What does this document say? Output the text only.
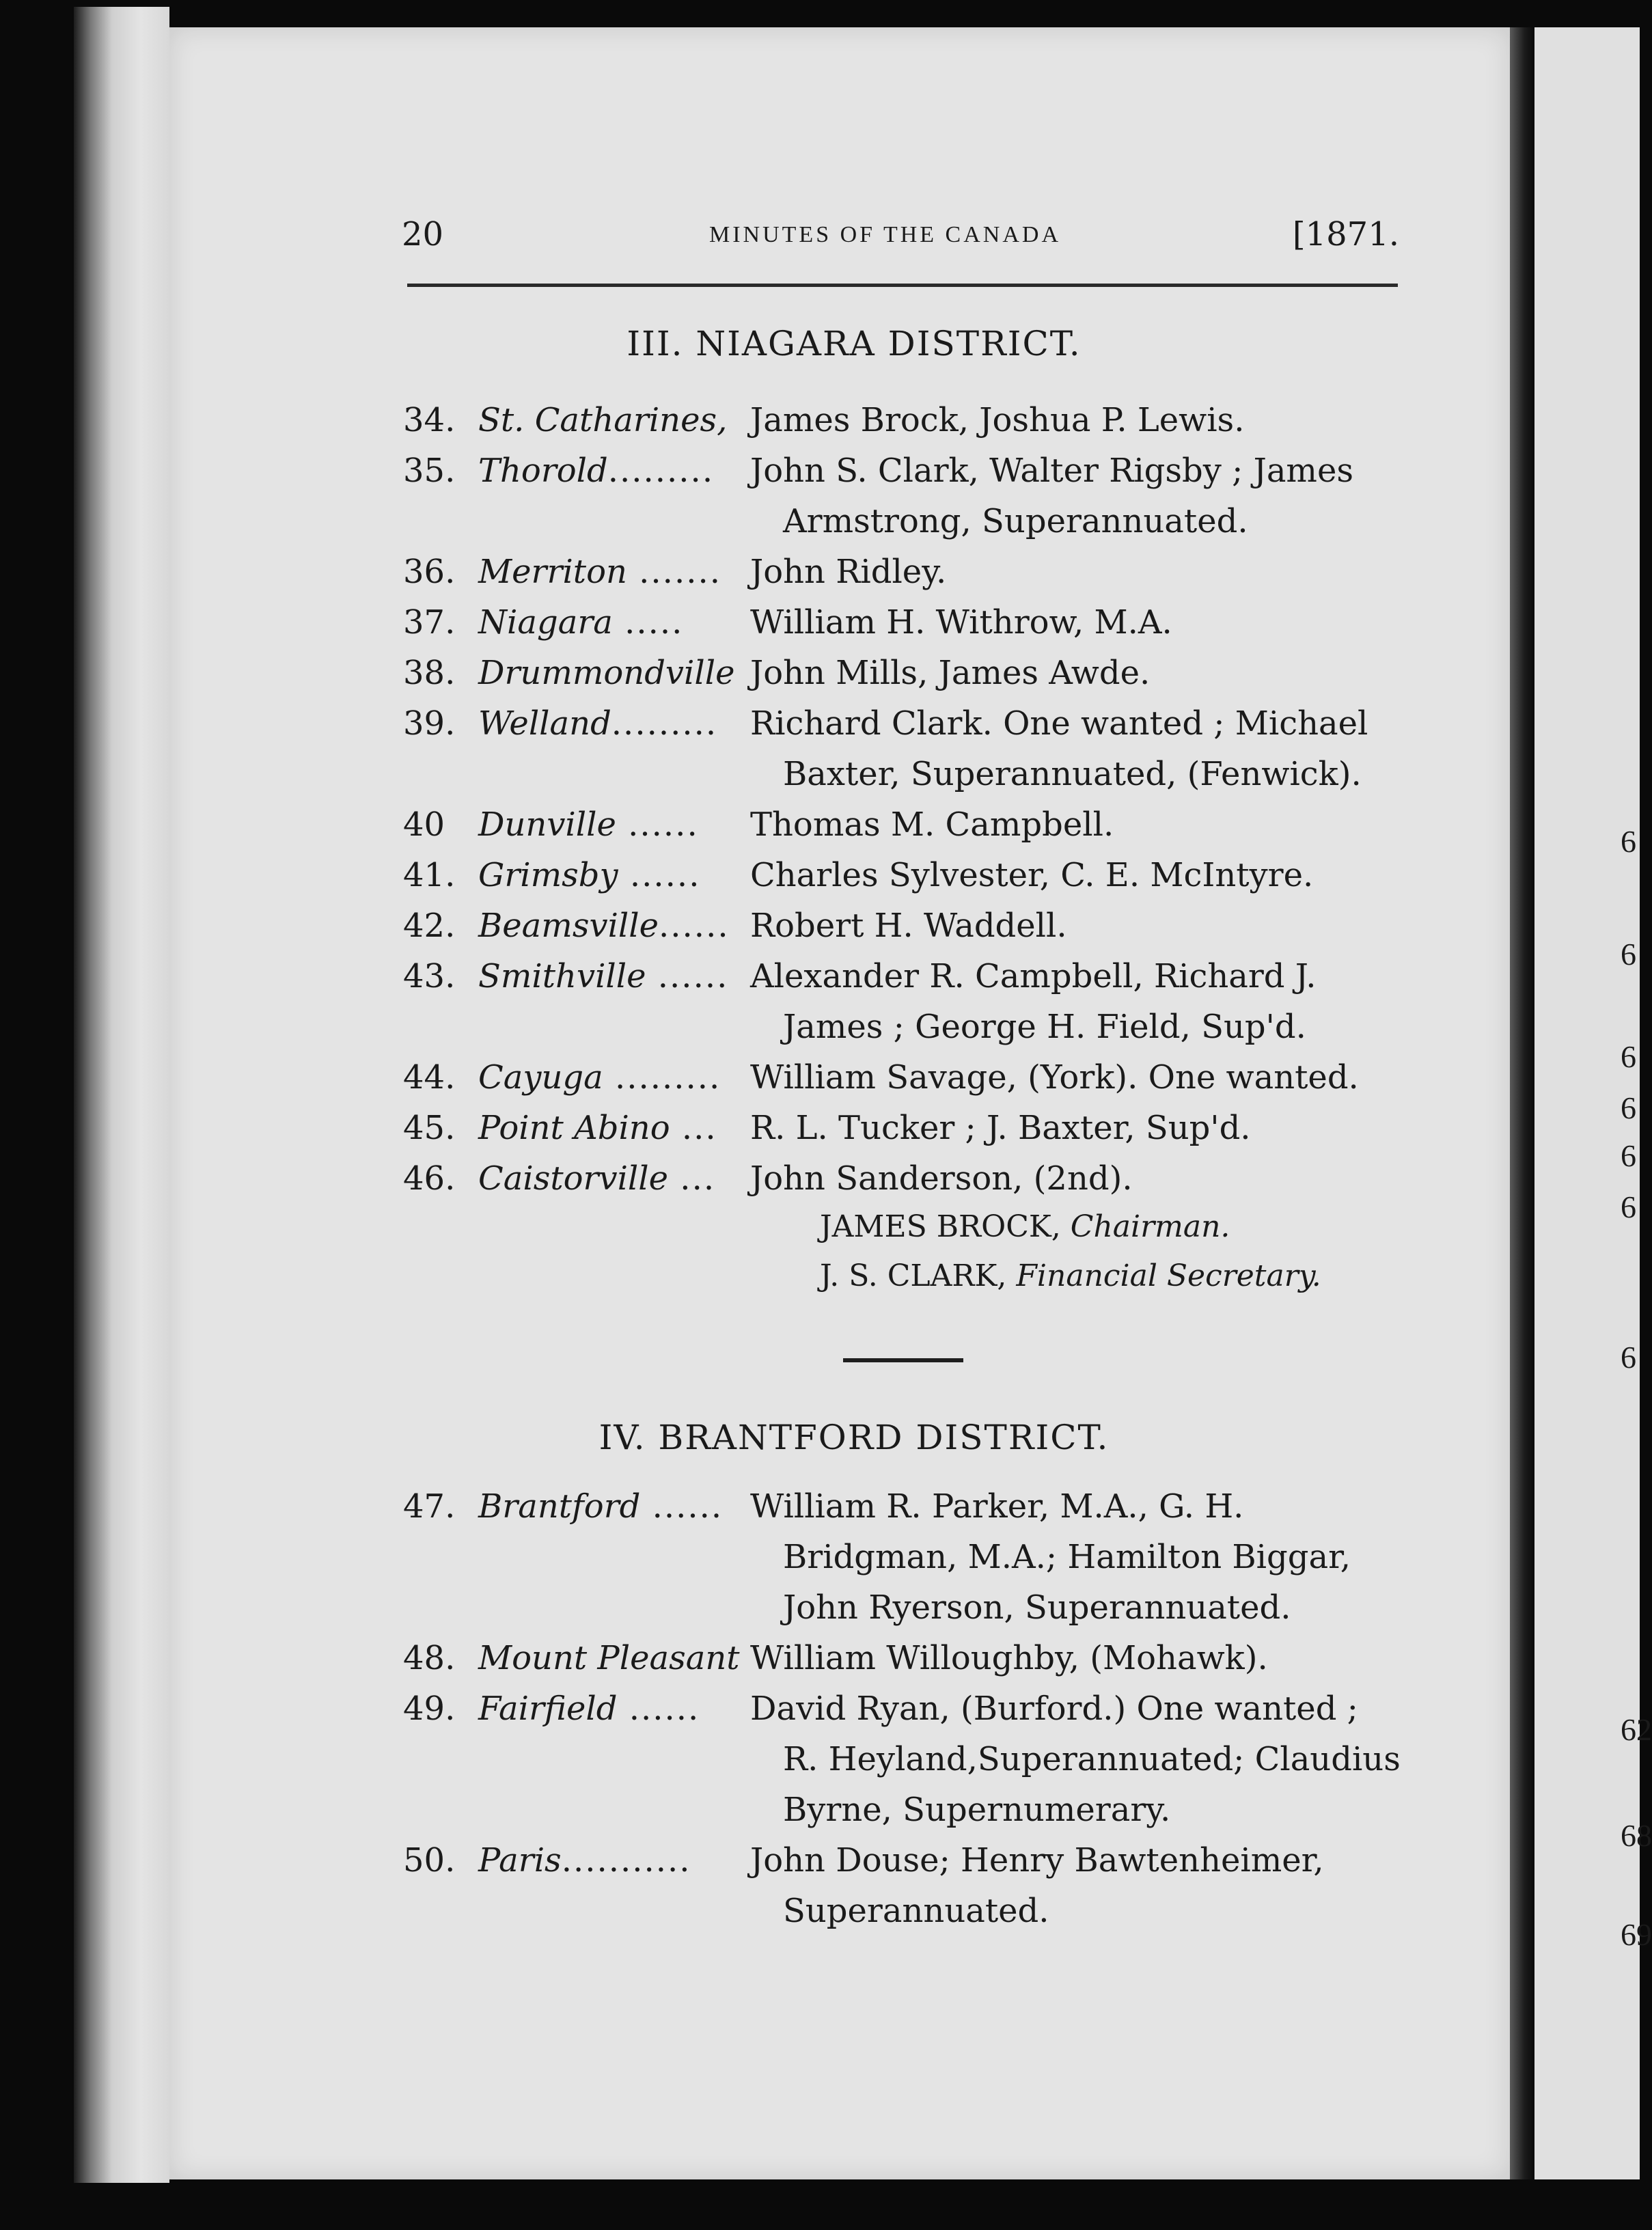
6
6
6
6
6
6
6
62
68
69
20	MINUTES OF THE CANADA	[1871.
III. NIAGARA DISTRICT.
34. St. Catharines, James Brock, Joshua P. Lewis.
35. Thorold......... John S. Clark, Walter Rigsby ; James
Armstrong, Superannuated.
36. Merriton ....... John Ridley.
37. Niagara ..... William H. Withrow, M.A.
38. Drummondville John Mills, James Awde.
39. Welland......... Richard Clark. One wanted ; Michael
Baxter, Superannuated, (Fenwick).
40 Dunville ...... Thomas M. Campbell.
41. Grimsby ...... Charles Sylvester, C. E. McIntyre.
42. Beamsville...... Robert H. Waddell.
43. Smithville ...... Alexander R. Campbell, Richard J.
James ; George H. Field, Sup'd.
44. Cayuga ......... William Savage, (York). One wanted.
45. Point Abino ... R. L. Tucker ; J. Baxter, Sup'd.
46. Caistorville ... John Sanderson, (2nd).
JAMES BROCK, Chairman.
J. S. CLARK, Financial Secretary.
IV. BRANTFORD DISTRICT.
47. Brantford ...... William R. Parker, M.A., G. H.
Bridgman, M.A.; Hamilton Biggar,
John Ryerson, Superannuated.
48. Mount Pleasant William Willoughby, (Mohawk).
49. Fairfield ...... David Ryan, (Burford.) One wanted ;
R. Heyland,Superannuated; Claudius
Byrne, Supernumerary.
50. Paris........... John Douse; Henry Bawtenheimer,
Superannuated.
